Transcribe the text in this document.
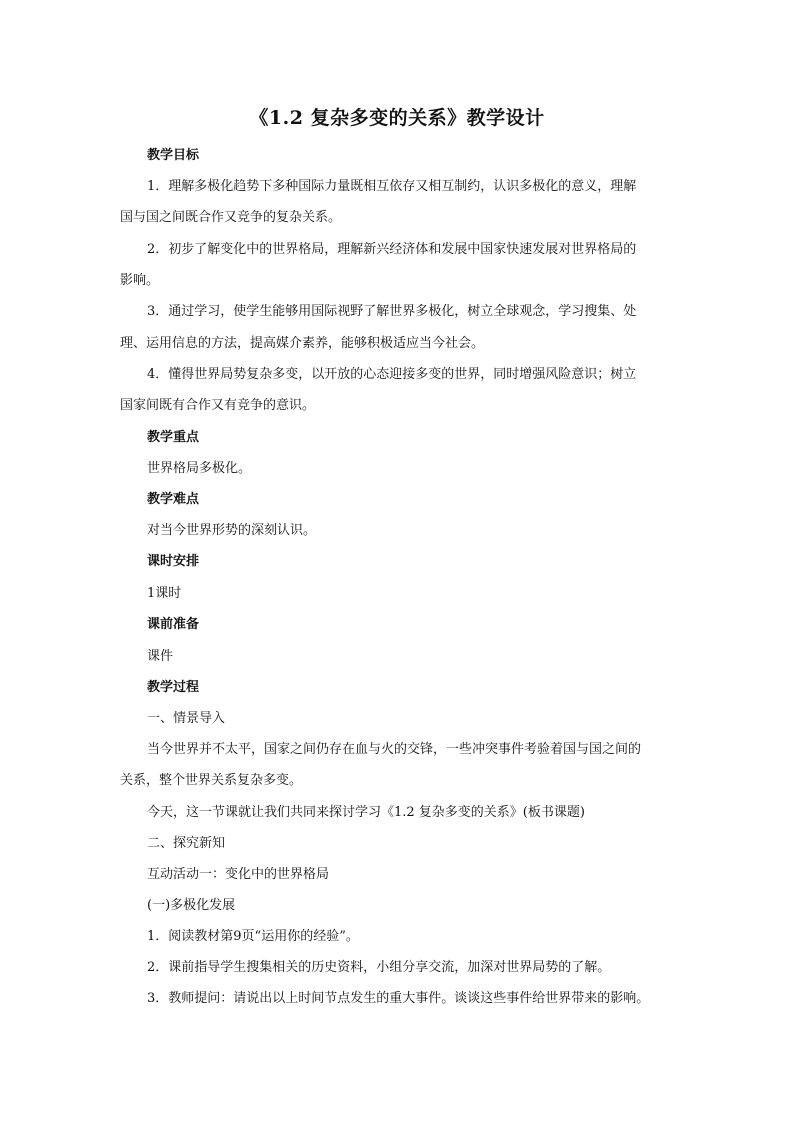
《1.2 复杂多变的关系》教学设计
教学目标
1．理解多极化趋势下多种国际力量既相互依存又相互制约，认识多极化的意义，理解
国与国之间既合作又竞争的复杂关系。
2．初步了解变化中的世界格局，理解新兴经济体和发展中国家快速发展对世界格局的
影响。
3．通过学习，使学生能够用国际视野了解世界多极化，树立全球观念，学习搜集、处
理、运用信息的方法，提高媒介素养，能够积极适应当今社会。
4．懂得世界局势复杂多变，以开放的心态迎接多变的世界，同时增强风险意识；树立
国家间既有合作又有竞争的意识。
教学重点
世界格局多极化。
教学难点
对当今世界形势的深刻认识。
课时安排
1课时
课前准备
课件
教学过程
一、情景导入
当今世界并不太平，国家之间仍存在血与火的交锋，一些冲突事件考验着国与国之间的
关系，整个世界关系复杂多变。
今天，这一节课就让我们共同来探讨学习《1.2 复杂多变的关系》(板书课题)
二、探究新知
互动活动一：变化中的世界格局
(一)多极化发展
1．阅读教材第9页“运用你的经验”。
2．课前指导学生搜集相关的历史资料，小组分享交流，加深对世界局势的了解。
3．教师提问：请说出以上时间节点发生的重大事件。谈谈这些事件给世界带来的影响。
